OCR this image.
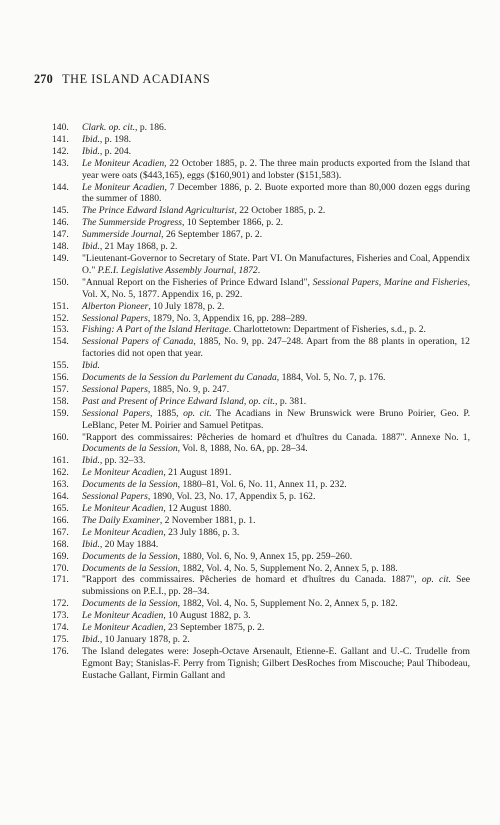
270 THE ISLAND ACADIANS
140.	Clark. op. cit., p. 186.
141.	Ibid., p. 198.
142.	Ibid., p. 204.
143.	Le Moniteur Acadien, 22 October 1885, p. 2. The three main products exported from the Island that year were oats ($443,165), eggs ($160,901) and lobster ($151,583).
144.	Le Moniteur Acadien, 7 December 1886, p. 2. Buote exported more than 80,000 dozen eggs during the summer of 1880.
145.	The Prince Edward Island Agriculturist, 22 October 1885, p. 2.
146.	The Summerside Progress, 10 September 1866, p. 2.
147.	Summerside Journal, 26 September 1867, p. 2.
148.	Ibid., 21 May 1868, p. 2.
149.	"Lieutenant-Governor to Secretary of State. Part VI. On Manufactures, Fisheries and Coal, Appendix O." P.E.I. Legislative Assembly Journal, 1872.
150.	"Annual Report on the Fisheries of Prince Edward Island", Sessional Papers, Marine and Fisheries, Vol. X, No. 5, 1877. Appendix 16, p. 292.
151.	Alberton Pioneer, 10 July 1878, p. 2.
152.	Sessional Papers, 1879, No. 3, Appendix 16, pp. 288–289.
153.	Fishing: A Part of the Island Heritage. Charlottetown: Department of Fisheries, s.d., p. 2.
154.	Sessional Papers of Canada, 1885, No. 9, pp. 247–248. Apart from the 88 plants in operation, 12 factories did not open that year.
155.	Ibid.
156.	Documents de la Session du Parlement du Canada, 1884, Vol. 5, No. 7, p. 176.
157.	Sessional Papers, 1885, No. 9, p. 247.
158.	Past and Present of Prince Edward Island, op. cit., p. 381.
159.	Sessional Papers, 1885, op. cit. The Acadians in New Brunswick were Bruno Poirier, Geo. P. LeBlanc, Peter M. Poirier and Samuel Petitpas.
160.	"Rapport des commissaires: Pêcheries de homard et d'huîtres du Canada. 1887". Annexe No. 1, Documents de la Session, Vol. 8, 1888, No. 6A, pp. 28–34.
161.	Ibid., pp. 32–33.
162.	Le Moniteur Acadien, 21 August 1891.
163.	Documents de la Session, 1880–81, Vol. 6, No. 11, Annex 11, p. 232.
164.	Sessional Papers, 1890, Vol. 23, No. 17, Appendix 5, p. 162.
165.	Le Moniteur Acadien, 12 August 1880.
166.	The Daily Examiner, 2 November 1881, p. 1.
167.	Le Moniteur Acadien, 23 July 1886, p. 3.
168.	Ibid., 20 May 1884.
169.	Documents de la Session, 1880, Vol. 6, No. 9, Annex 15, pp. 259–260.
170.	Documents de la Session, 1882, Vol. 4, No. 5, Supplement No. 2, Annex 5, p. 188.
171.	"Rapport des commissaires. Pêcheries de homard et d'huîtres du Canada. 1887", op. cit. See submissions on P.E.I., pp. 28–34.
172.	Documents de la Session, 1882, Vol. 4, No. 5, Supplement No. 2, Annex 5, p. 182.
173.	Le Moniteur Acadien, 10 August 1882, p. 3.
174.	Le Moniteur Acadien, 23 September 1875, p. 2.
175.	Ibid., 10 January 1878, p. 2.
176.	The Island delegates were: Joseph-Octave Arsenault, Etienne-E. Gallant and U.-C. Trudelle from Egmont Bay; Stanislas-F. Perry from Tignish; Gilbert DesRoches from Miscouche; Paul Thibodeau, Eustache Gallant, Firmin Gallant and
